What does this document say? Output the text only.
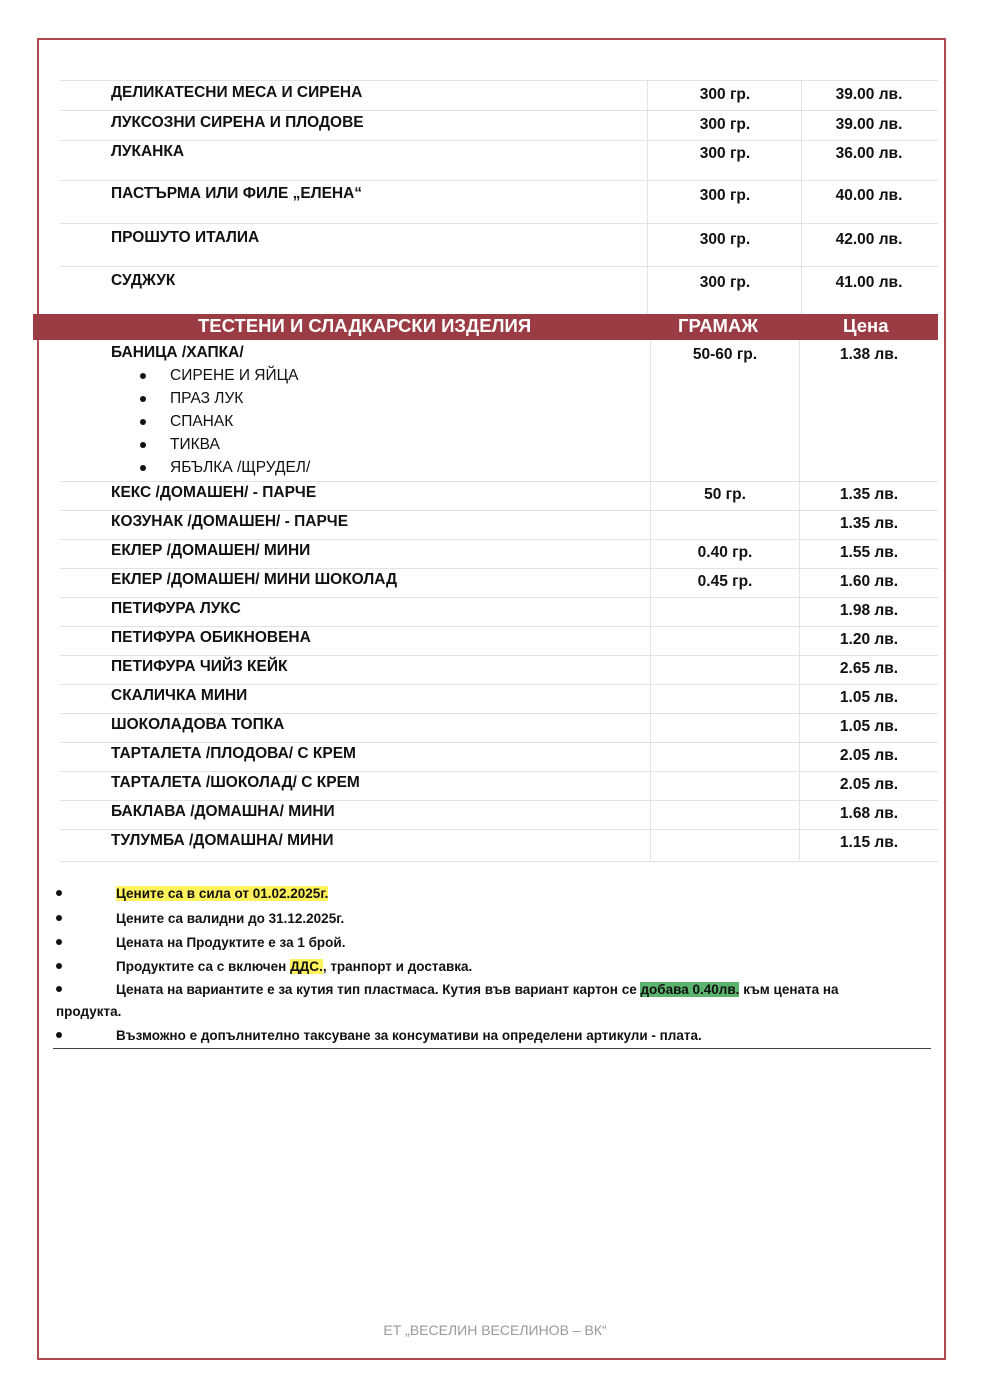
ДЕЛИКАТЕСНИ МЕСА И СИРЕНА	300 гр.	39.00 лв.
ЛУКСОЗНИ СИРЕНА И ПЛОДОВЕ	300 гр.	39.00 лв.
ЛУКАНКА	300 гр.	36.00 лв.
ПАСТЪРМА ИЛИ ФИЛЕ „ЕЛЕНА“	300 гр.	40.00 лв.
ПРОШУТО ИТАЛИА	300 гр.	42.00 лв.
СУДЖУК	300 гр.	41.00 лв.
ТЕСТЕНИ И СЛАДКАРСКИ ИЗДЕЛИЯ	ГРАМАЖ	Цена
БАНИЦА /ХАПКА/	50-60 гр.	1.38 лв.
СИРЕНЕ И ЯЙЦА
ПРАЗ ЛУК
СПАНАК
ТИКВА
ЯБЪЛКА /ЩРУДЕЛ/
КЕКС /ДОМАШЕН/ - ПАРЧЕ	50 гр.	1.35 лв.
КОЗУНАК /ДОМАШЕН/ - ПАРЧЕ	1.35 лв.
ЕКЛЕР /ДОМАШЕН/ МИНИ	0.40 гр.	1.55 лв.
ЕКЛЕР /ДОМАШЕН/ МИНИ ШОКОЛАД	0.45 гр.	1.60 лв.
ПЕТИФУРА ЛУКС	1.98 лв.
ПЕТИФУРА ОБИКНОВЕНА	1.20 лв.
ПЕТИФУРА ЧИЙЗ КЕЙК	2.65 лв.
СКАЛИЧКА МИНИ	1.05 лв.
ШОКОЛАДОВА ТОПКА	1.05 лв.
ТАРТАЛЕТА /ПЛОДОВА/ С КРЕМ	2.05 лв.
ТАРТАЛЕТА /ШОКОЛАД/ С КРЕМ	2.05 лв.
БАКЛАВА /ДОМАШНА/ МИНИ	1.68 лв.
ТУЛУМБА /ДОМАШНА/ МИНИ	1.15 лв.
Цените са в сила от 01.02.2025г.
Цените са валидни до 31.12.2025г.
Цената на Продуктите е за 1 брой.
Продуктите са с включен ДДС., транпорт и доставка.
Цената на вариантите е за кутия тип пластмаса. Кутия във вариант картон се добава 0.40лв. към цената на
продукта.
Възможно е допълнително таксуване за консумативи на определени артикули - плата.
ЕТ „ВЕСЕЛИН ВЕСЕЛИНОВ – ВК“
